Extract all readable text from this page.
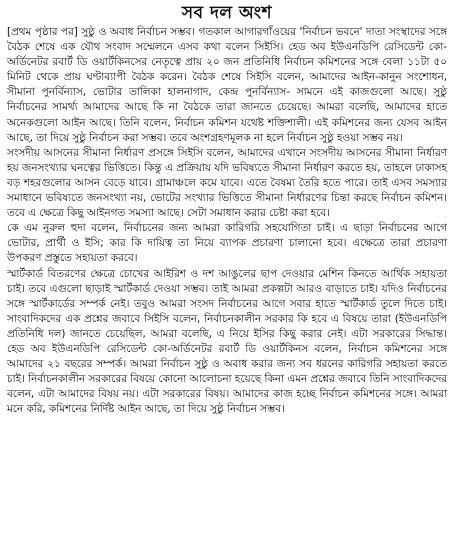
সব দল অংশ

[প্রথম পৃষ্ঠার পর] সুষ্ঠু ও অবাধ নির্বাচন সম্ভব। গতকাল আগারগাঁওয়ের 'নির্বাচন ভবনে' দাতা সংস্থাদের সঙ্গে বৈঠক শেষে এক যৌথ সংবাদ সম্মেলনে এসব কথা বলেন সিইসি। হেড অব ইউএনডিপি রেসিডেন্ট কো-অর্ডিনেটর রবার্ট ডি ওয়ার্টকিনসের নেতৃত্বে প্রায় ২০ জন প্রতিনিধি নির্বাচন কমিশনের সঙ্গে বেলা ১১টা ৫০ মিনিট থেকে প্রায় ঘণ্টাব্যাপী বৈঠক করেন। বৈঠক শেষে সিইসি বলেন, আমাদের আইন-কানুন সংশোধন, সীমানা পুনর্বিন্যাস, ভোটার তালিকা হালনাগাদ, কেন্দ্র পুনর্বিন্যাস- সামনে এই কাজগুলো আছে। সুষ্ঠু নির্বাচনের সামর্থ্য আমাদের আছে কি না বৈঠকে তারা জানতে চেয়েছে। আমরা বলেছি, আমাদের হাতে অনেকগুলো আইন আছে। তিনি বলেন, নির্বাচন কমিশন যথেষ্ট শক্তিশালী। এই কমিশনের জন্য যেসব আইন আছে, তা দিয়ে সুষ্ঠু নির্বাচন করা সম্ভব। তবে অংশগ্রহণমূলক না হলে নির্বাচন সুষ্ঠু হওয়া সম্ভব নয়।

সংসদীয় আসনের সীমানা নির্ধারণ প্রসঙ্গে সিইসি বলেন, আমাদের এখানে সংসদীয় আসনের সীমানা নির্ধারণ হয় জনসংখ্যার ঘনত্বের ভিত্তিতে। কিন্তু এ প্রক্রিয়ায় যদি ভবিষ্যতে সীমানা নির্ধারণ করতে হয়, তাহলে ঢাকাসহ বড় শহরগুলোর আসন বেড়ে যাবে। গ্রামাঞ্চলে কমে যাবে। এতে বৈষম্য তৈরি হতে পারে। তাই এসব সমস্যার সমাধানে ভবিষ্যতে জনসংখ্যা নয়, ভোটের সংখ্যার ভিত্তিতে সীমানা নির্ধারণের চিন্তা করছে নির্বাচন কমিশন। তবে এ ক্ষেত্রে কিছু আইনগত সমস্যা আছে। সেটা সমাধান করার চেষ্টা করা হবে।

কে এম নুরুল হুদা বলেন, নির্বাচনের জন্য আমরা কারিগরি সহযোগিতা চাই। এ ছাড়া নির্বাচনের আগে ভোটার, প্রার্থী ও ইসি; কার কি দায়িত্ব তা নিয়ে ব্যাপক প্রচারণা চালানো হবে। এক্ষেত্রে তারা প্রচারণা উপকরণ প্রস্তুতে সহায়তা করবে।

স্মার্টকার্ড বিতরণের ক্ষেত্রে চোখের আইরিশ ও দশ আঙুলের ছাপ দেওয়ার মেশিন কিনতে আর্থিক সহায়তা চাই। তবে এগুলো ছাড়াই স্মার্টকার্ড দেওয়া সম্ভব। তাই আমরা প্রকল্পটা আরও বাড়াতে চাই। যদিও নির্বাচনের সঙ্গে স্মার্টকার্ডের সম্পর্ক নেই। তবুও আমরা সংসদ নির্বাচনের আগে সবার হাতে স্মার্টকার্ড তুলে দিতে চাই। সাংবাদিকদের এক প্রশ্নের জবাবে সিইসি বলেন, নির্বাচনকালীন সরকার কি হবে এ বিষয়ে তারা (ইউএনডিপি প্রতিনিধি দল) জানতে চেয়েছিল, আমরা বলেছি, এ নিয়ে ইসির কিছু করার নেই। এটা সরকারের সিদ্ধান্ত। হেড অব ইউএনডিপি রেসিডেন্ট কো-অর্ডিনেটর রবার্ট ডি ওয়ার্টকিনস বলেন, নির্বাচন কমিশনের সঙ্গে আমাদের ২১ বছরের সম্পর্ক। আমরা নির্বাচন সুষ্ঠু ও অবাধ করার জন্য সব ধরনের কারিগরি সহায়তা করতে চাই। নির্বাচনকালীন সরকারের বিষয়ে কোনো আলোচনা হয়েছে কিনা এমন প্রশ্নের জবাবে তিনি সাংবাদিকদের বলেন, এটা আমাদের বিষয় নয়। এটা সরকারের বিষয়। আমাদের কাজ হচ্ছে নির্বাচন কমিশনের সঙ্গে। আমরা মনে করি, কমিশনের নির্দিষ্ট আইন আছে, তা দিয়ে সুষ্ঠু নির্বাচন সম্ভব।
